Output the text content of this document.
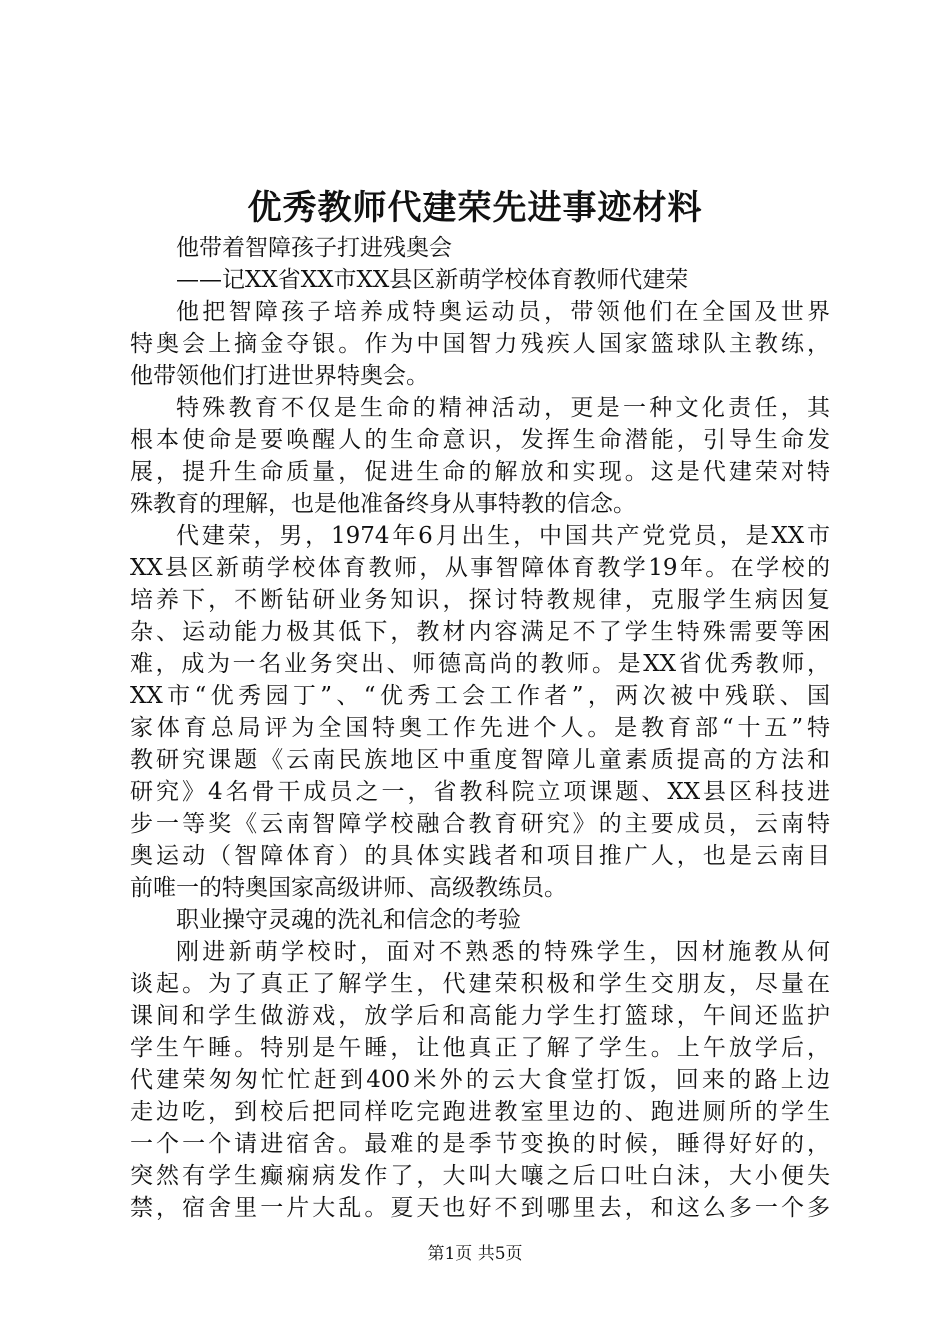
优秀教师代建荣先进事迹材料
他带着智障孩子打进残奥会
——记XX省XX市XX县区新萌学校体育教师代建荣
他把智障孩子培养成特奥运动员，带领他们在全国及世界
特奥会上摘金夺银。作为中国智力残疾人国家篮球队主教练，
他带领他们打进世界特奥会。
特殊教育不仅是生命的精神活动，更是一种文化责任，其
根本使命是要唤醒人的生命意识，发挥生命潜能，引导生命发
展，提升生命质量，促进生命的解放和实现。这是代建荣对特
殊教育的理解，也是他准备终身从事特教的信念。
代建荣，男，1974年6月出生，中国共产党党员，是XX市
XX县区新萌学校体育教师，从事智障体育教学19年。在学校的
培养下，不断钻研业务知识，探讨特教规律，克服学生病因复
杂、运动能力极其低下，教材内容满足不了学生特殊需要等困
难，成为一名业务突出、师德高尚的教师。是XX省优秀教师，
XX市“优秀园丁”、“优秀工会工作者”，两次被中残联、国
家体育总局评为全国特奥工作先进个人。是教育部“十五”特
教研究课题《云南民族地区中重度智障儿童素质提高的方法和
研究》4名骨干成员之一，省教科院立项课题、XX县区科技进
步一等奖《云南智障学校融合教育研究》的主要成员，云南特
奥运动（智障体育）的具体实践者和项目推广人，也是云南目
前唯一的特奥国家高级讲师、高级教练员。
职业操守灵魂的洗礼和信念的考验
刚进新萌学校时，面对不熟悉的特殊学生，因材施教从何
谈起。为了真正了解学生，代建荣积极和学生交朋友，尽量在
课间和学生做游戏，放学后和高能力学生打篮球，午间还监护
学生午睡。特别是午睡，让他真正了解了学生。上午放学后，
代建荣匆匆忙忙赶到400米外的云大食堂打饭，回来的路上边
走边吃，到校后把同样吃完跑进教室里边的、跑进厕所的学生
一个一个请进宿舍。最难的是季节变换的时候，睡得好好的，
突然有学生癫痫病发作了，大叫大嚷之后口吐白沫，大小便失
禁，宿舍里一片大乱。夏天也好不到哪里去，和这么多一个多
第1页 共5页
